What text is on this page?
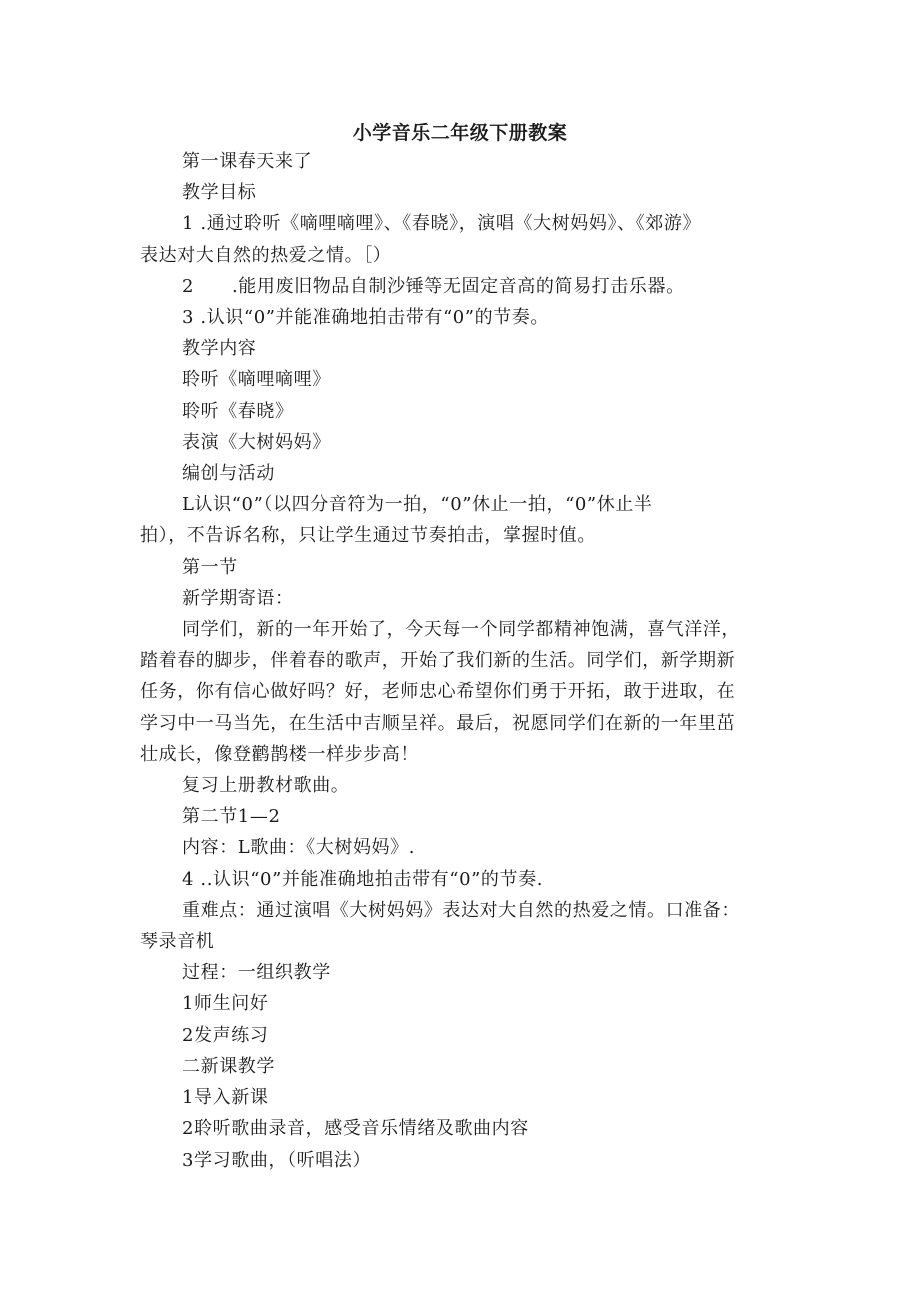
小学音乐二年级下册教案

第一课春天来了

教学目标

1 .通过聆听《嘀哩嘀哩》、《春晓》，演唱《大树妈妈》、《郊游》

表达对大自然的热爱之情。［）

2      .能用废旧物品自制沙锤等无固定音高的简易打击乐器。

3 .认识“0”并能准确地拍击带有“0”的节奏。

教学内容

聆听《嘀哩嘀哩》

聆听《春晓》

表演《大树妈妈》

编创与活动

L认识“0”（以四分音符为一拍，“0”休止一拍，“0”休止半

拍），不告诉名称，只让学生通过节奏拍击，掌握时值。

第一节

新学期寄语：

同学们，新的一年开始了，今天每一个同学都精神饱满，喜气洋洋，

踏着春的脚步，伴着春的歌声，开始了我们新的生活。同学们，新学期新

任务，你有信心做好吗？好，老师忠心希望你们勇于开拓，敢于进取，在

学习中一马当先，在生活中吉顺呈祥。最后，祝愿同学们在新的一年里茁

壮成长，像登鹳鹊楼一样步步高！

复习上册教材歌曲。

第二节1—2

内容：L歌曲：《大树妈妈》.

4 ..认识“0”并能准确地拍击带有“0”的节奏.

重难点：通过演唱《大树妈妈》表达对大自然的热爱之情。口准备：

琴录音机

过程：一组织教学

1师生问好

2发声练习

二新课教学

1导入新课

2聆听歌曲录音，感受音乐情绪及歌曲内容

3学习歌曲，（听唱法）
